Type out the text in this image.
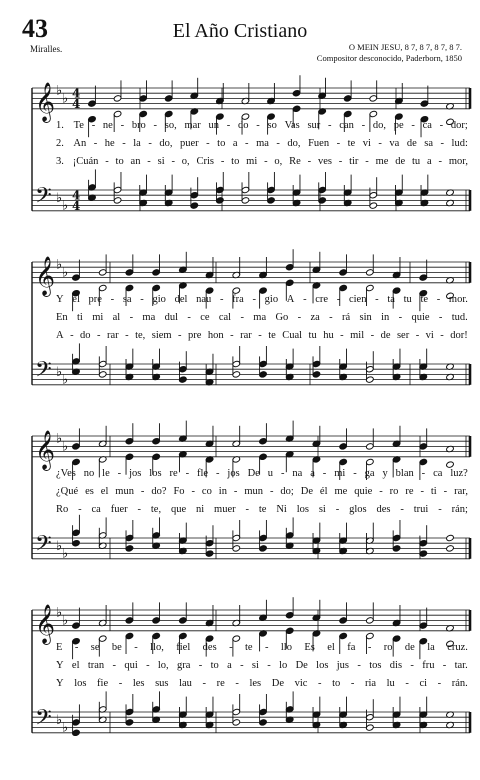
43	El Año Cristiano
Miralles.	O MEIN JESU, 8 7, 8 7, 8 7, 8 7.
Compositor desconocido, Paderborn, 1850
𝄞
𝄢
♭
♭
♭
♭
4
4
4
4
1. Te - ne - bro - so, mar un - do - so Vas sur - can - do, pe - ca - dor;
2. An - he - la - do, puer - to a - ma - do, Fuen - te vi - va de sa - lud:
3. ¡Cuán - to an - si - o, Cris - to mi - o, Re - ves - tir - me de tu a - mor,
𝄞
𝄢
♭
♭
♭
♭
Y el pre - sa - gio del nau - fra - gio A - cre - cien - ta tu te - mor.
En ti mi al - ma dul - ce cal - ma Go - za - rá sin in - quie - tud.
A - do - rar - te, siem - pre hon - rar - te Cual tu hu - mil - de ser - vi - dor!
𝄞
𝄢
♭
♭
♭
♭
¿Ves no le - jos los re - fle - jos De u - na a - mi - ga y blan - ca luz?
¿Qué es el mun - do? Fo - co in - mun - do; De él me quie - ro re - ti - rar,
Ro - ca fuer - te, que ni muer - te Ni los si - glos des - trui - rán;
𝄞
𝄢
♭
♭
♭
♭
E - se be - llo, fiel des - te - llo Es el fa - ro de la cruz.
Y el tran - qui - lo, gra - to a - si - lo De los jus - tos dis - fru - tar.
Y los fie - les sus lau - re - les De vic - to - ria lu - ci - rán.
